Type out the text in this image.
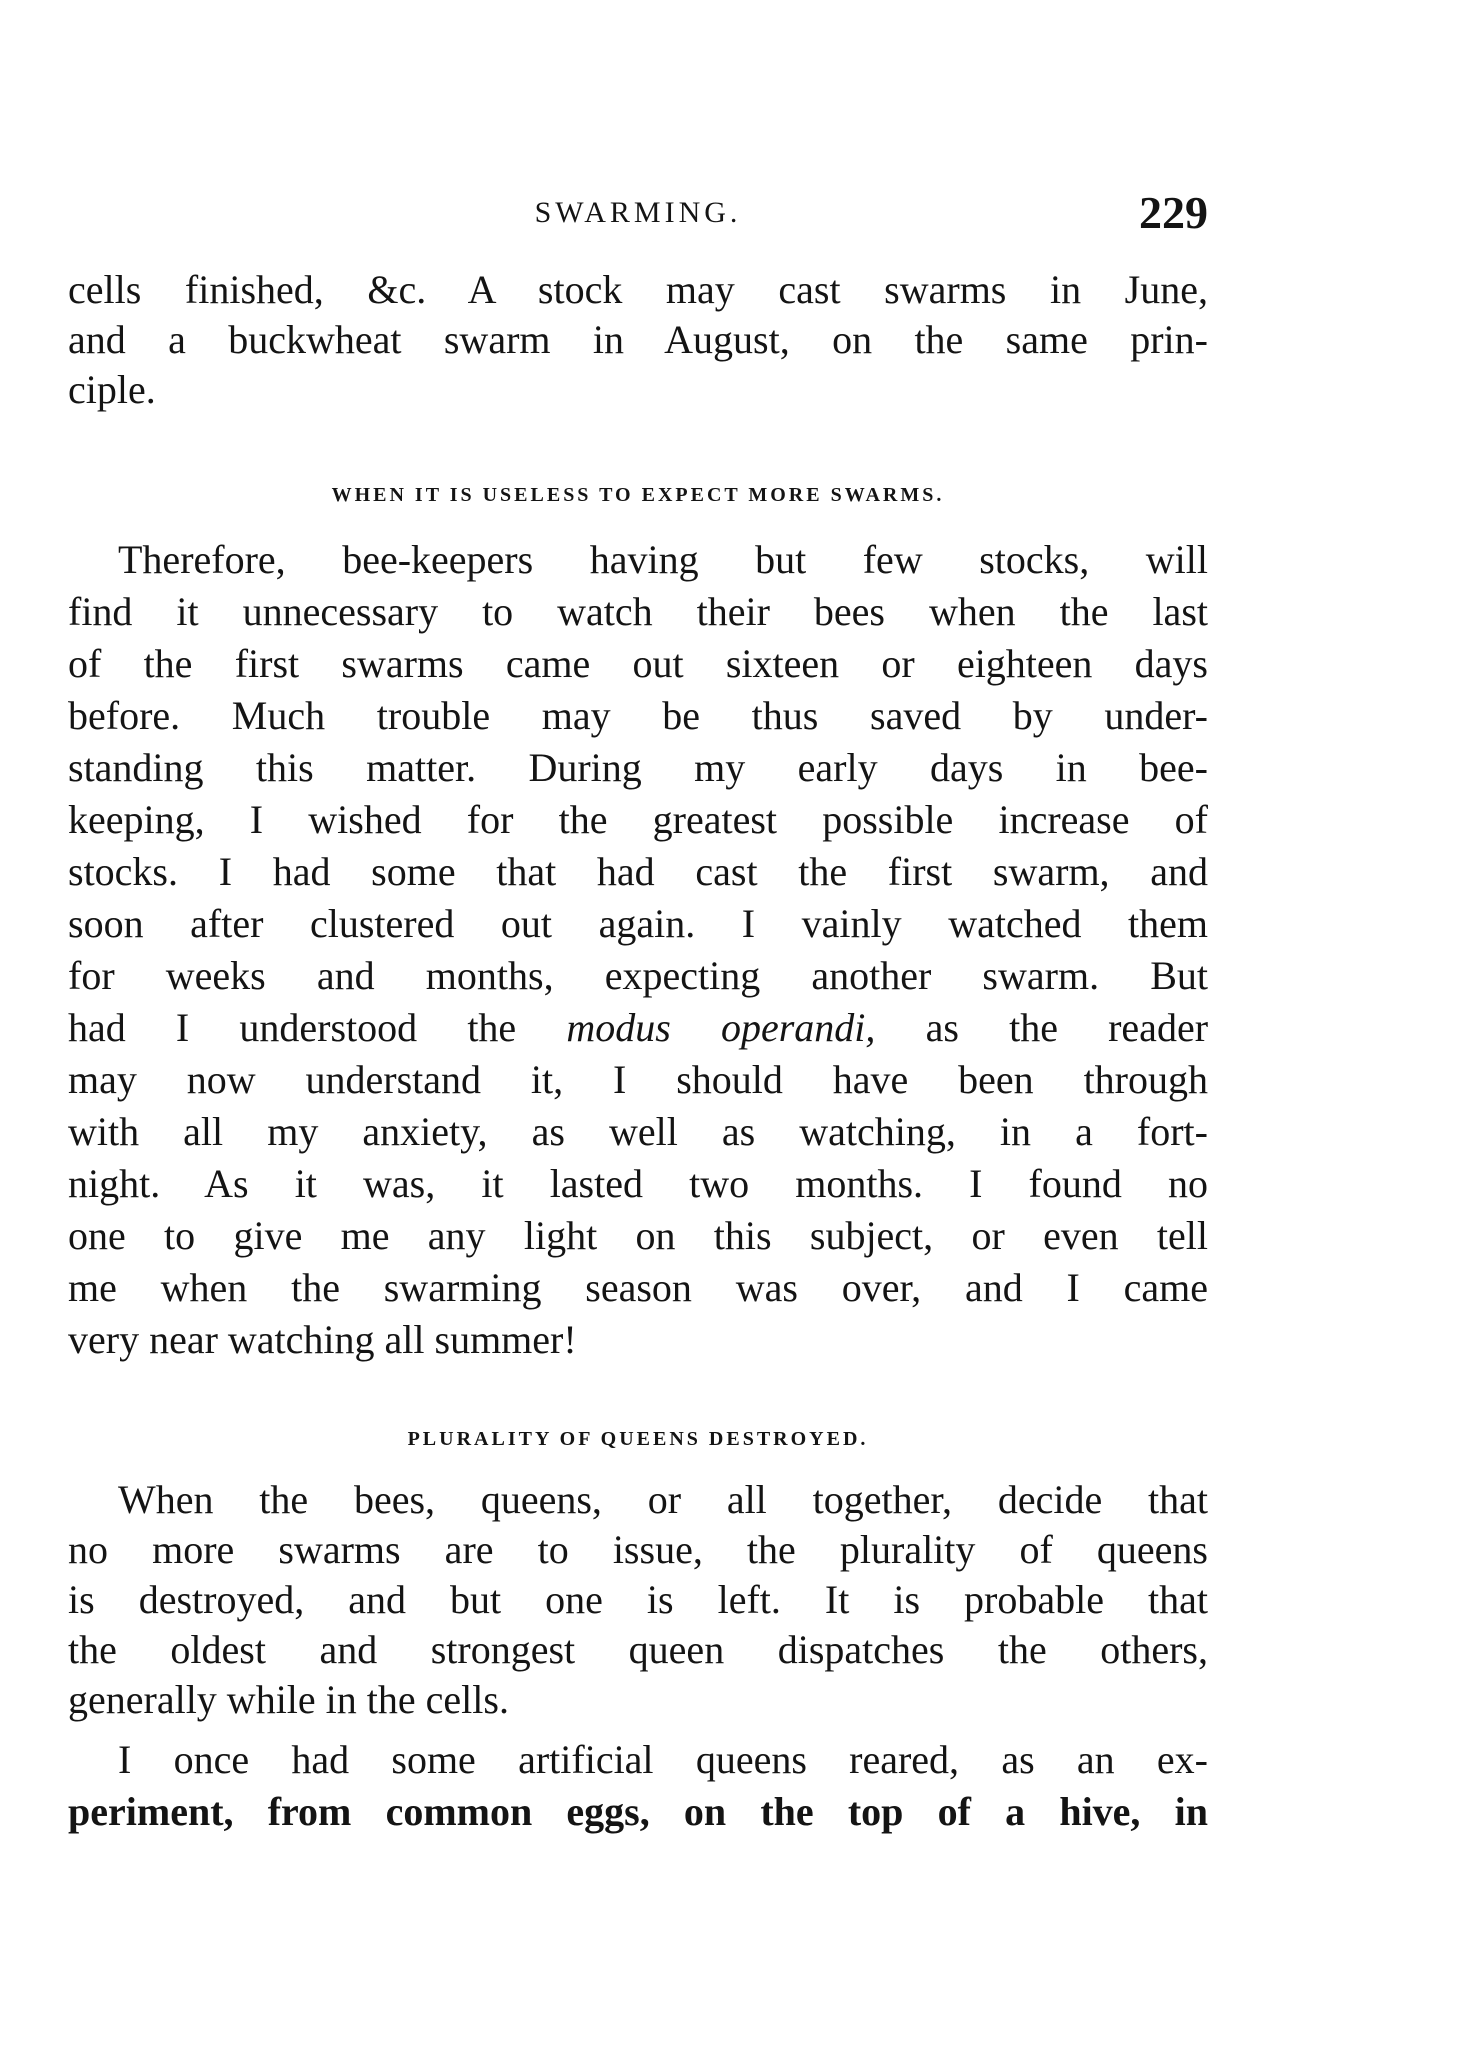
SWARMING.	229
cells finished, &c. A stock may cast swarms in June,
and a buckwheat swarm in August, on the same prin-
ciple.
WHEN IT IS USELESS TO EXPECT MORE SWARMS.
Therefore, bee-keepers having but few stocks, will
find it unnecessary to watch their bees when the last
of the first swarms came out sixteen or eighteen days
before. Much trouble may be thus saved by under-
standing this matter. During my early days in bee-
keeping, I wished for the greatest possible increase of
stocks. I had some that had cast the first swarm, and
soon after clustered out again. I vainly watched them
for weeks and months, expecting another swarm. But
had I understood the modus operandi, as the reader
may now understand it, I should have been through
with all my anxiety, as well as watching, in a fort-
night. As it was, it lasted two months. I found no
one to give me any light on this subject, or even tell
me when the swarming season was over, and I came
very near watching all summer!
PLURALITY OF QUEENS DESTROYED.
When the bees, queens, or all together, decide that
no more swarms are to issue, the plurality of queens
is destroyed, and but one is left. It is probable that
the oldest and strongest queen dispatches the others,
generally while in the cells.
I once had some artificial queens reared, as an ex-
periment, from common eggs, on the top of a hive, in
